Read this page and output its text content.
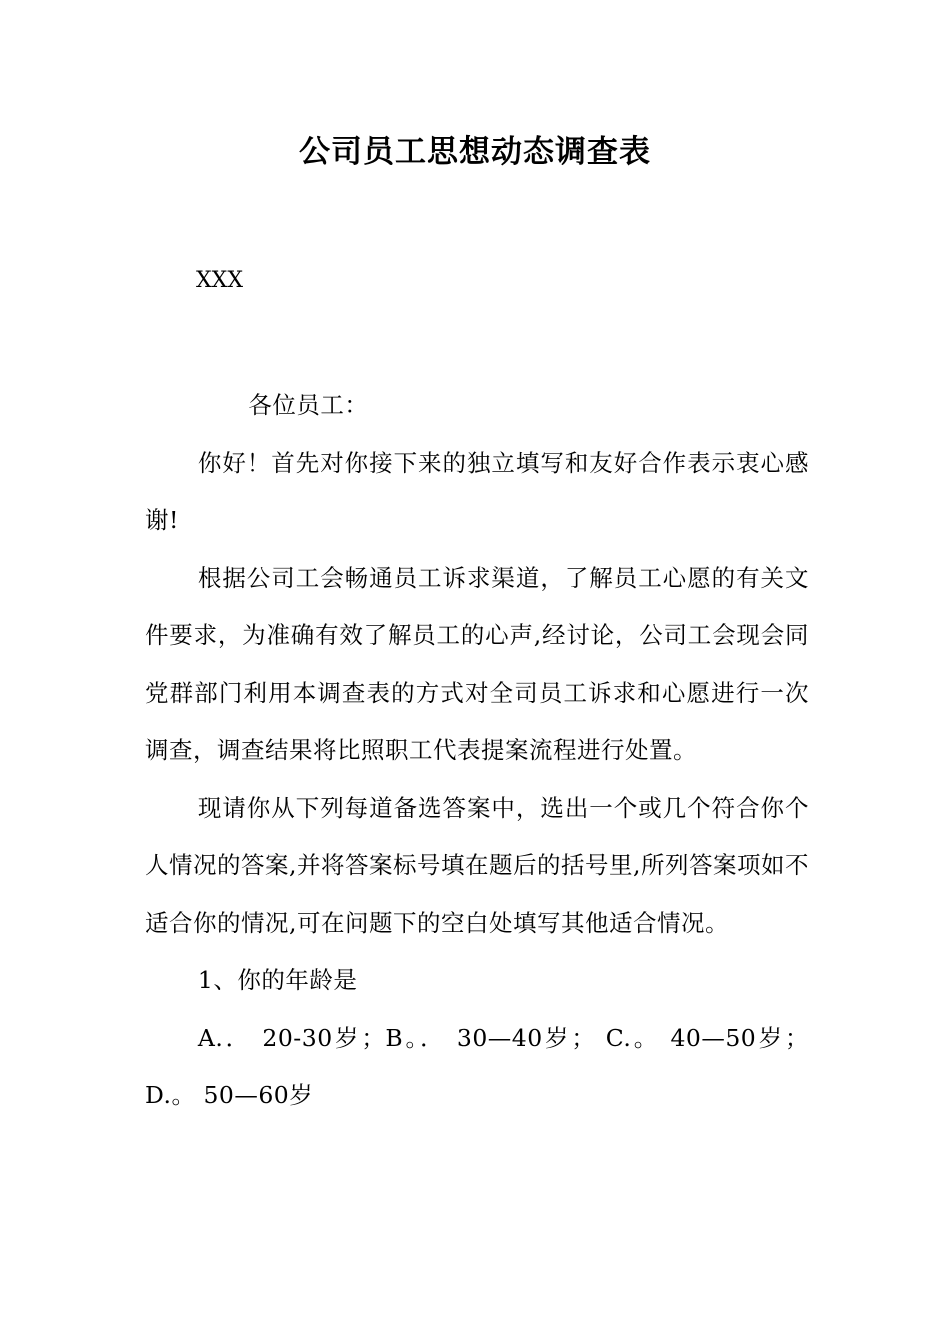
公司员工思想动态调查表
XXX

各位员工：

你好！首先对你接下来的独立填写和友好合作表示衷心感谢!

根据公司工会畅通员工诉求渠道，了解员工心愿的有关文件要求，为准确有效了解员工的心声,经讨论，公司工会现会同党群部门利用本调查表的方式对全司员工诉求和心愿进行一次调查，调查结果将比照职工代表提案流程进行处置。

现请你从下列每道备选答案中，选出一个或几个符合你个人情况的答案,并将答案标号填在题后的括号里,所列答案项如不适合你的情况,可在问题下的空白处填写其他适合情况。

1、你的年龄是

A.． 20-30岁；B。． 30—40岁； C.。 40—50岁；D.。 50—60岁
